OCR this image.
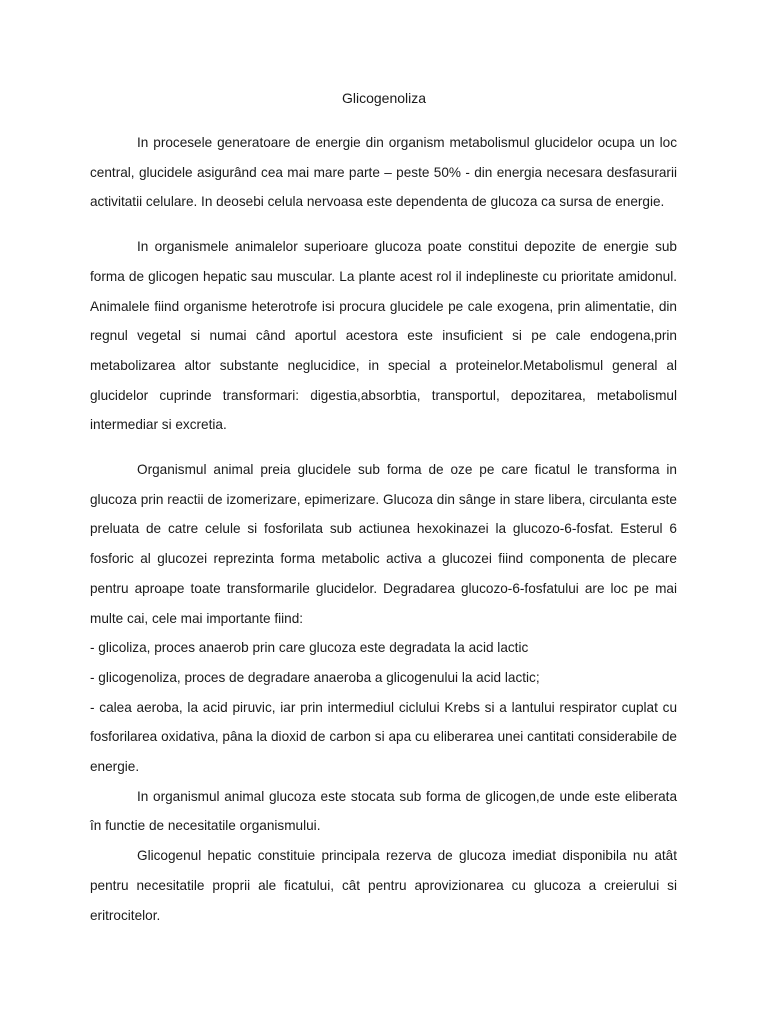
Glicogenoliza

In procesele generatoare de energie din organism metabolismul glucidelor ocupa un loc central, glucidele asigurând cea mai mare parte – peste 50% - din energia necesara desfasurarii activitatii celulare. In deosebi celula nervoasa este dependenta de glucoza ca sursa de energie.

In organismele animalelor superioare glucoza poate constitui depozite de energie sub forma de glicogen hepatic sau muscular. La plante acest rol il indeplineste cu prioritate amidonul. Animalele fiind organisme heterotrofe isi procura glucidele pe cale exogena, prin alimentatie, din regnul vegetal si numai când aportul acestora este insuficient si pe cale endogena,prin metabolizarea altor substante neglucidice, in special a proteinelor.Metabolismul general al glucidelor cuprinde transformari: digestia,absorbtia, transportul, depozitarea, metabolismul intermediar si excretia.

Organismul animal preia glucidele sub forma de oze pe care ficatul le transforma in glucoza prin reactii de izomerizare, epimerizare. Glucoza din sânge in stare libera, circulanta este preluata de catre celule si fosforilata sub actiunea hexokinazei la glucozo-6-fosfat. Esterul 6 fosforic al glucozei reprezinta forma metabolic activa a glucozei fiind componenta de plecare pentru aproape toate transformarile glucidelor. Degradarea glucozo-6-fosfatului are loc pe mai multe cai, cele mai importante fiind:

- glicoliza, proces anaerob prin care glucoza este degradata la acid lactic

- glicogenoliza, proces de degradare anaeroba a glicogenului la acid lactic;

- calea aeroba, la acid piruvic, iar prin intermediul ciclului Krebs si a lantului respirator cuplat cu fosforilarea oxidativa, pâna la dioxid de carbon si apa cu eliberarea unei cantitati considerabile de energie.

In organismul animal glucoza este stocata sub forma de glicogen,de unde este eliberata în functie de necesitatile organismului.

Glicogenul hepatic constituie principala rezerva de glucoza imediat disponibila nu atât pentru necesitatile proprii ale ficatului, cât pentru aprovizionarea cu glucoza a creierului si eritrocitelor.
